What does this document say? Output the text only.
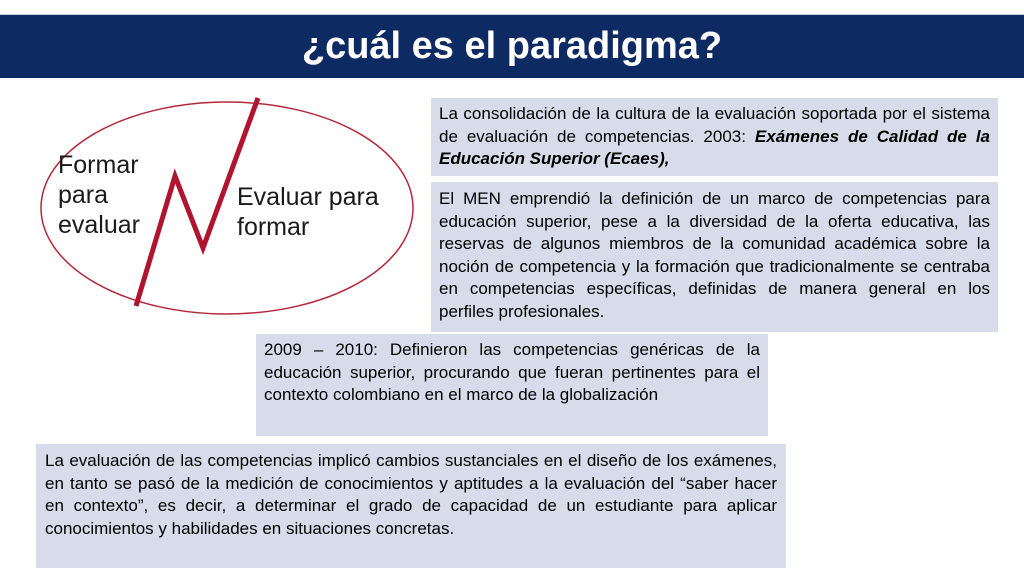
¿cuál es el paradigma?
Formar
para
evaluar
Evaluar para
formar

La consolidación de la cultura de la evaluación soportada por el sistema de evaluación de competencias. 2003: Exámenes de Calidad de la Educación Superior (Ecaes),

El MEN emprendió la definición de un marco de competencias para educación superior, pese a la diversidad de la oferta educativa, las reservas de algunos miembros de la comunidad académica sobre la noción de competencia y la formación que tradicionalmente se centraba en competencias específicas, definidas de manera general en los perfiles profesionales.

2009 – 2010: Definieron las competencias genéricas de la educación superior, procurando que fueran pertinentes para el contexto colombiano en el marco de la globalización

La evaluación de las competencias implicó cambios sustanciales en el diseño de los exámenes, en tanto se pasó de la medición de conocimientos y aptitudes a la evaluación del “saber hacer en contexto”, es decir, a determinar el grado de capacidad de un estudiante para aplicar conocimientos y habilidades en situaciones concretas.
